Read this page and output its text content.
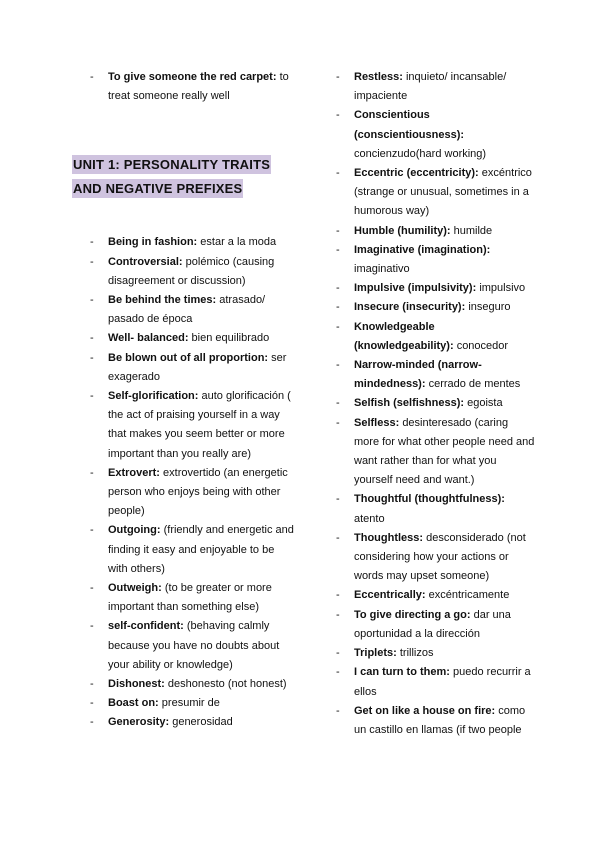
- To give someone the red carpet: to treat someone really well
UNIT 1: PERSONALITY TRAITS
AND NEGATIVE PREFIXES
- Being in fashion: estar a la moda
- Controversial: polémico (causing disagreement or discussion)
- Be behind the times: atrasado/ pasado de época
- Well- balanced: bien equilibrado
- Be blown out of all proportion: ser exagerado
- Self-glorification: auto glorificación ( the act of praising yourself in a way that makes you seem better or more important than you really are)
- Extrovert: extrovertido (an energetic person who enjoys being with other people)
- Outgoing: (friendly and energetic and finding it easy and enjoyable to be with others)
- Outweigh: (to be greater or more important than something else)
- self-confident: (behaving calmly because you have no doubts about your ability or knowledge)
- Dishonest: deshonesto (not honest)
- Boast on: presumir de
- Generosity: generosidad
- Restless: inquieto/ incansable/ impaciente
- Conscientious (conscientiousness): concienzudo(hard working)
- Eccentric (eccentricity): excéntrico (strange or unusual, sometimes in a humorous way)
- Humble (humility): humilde
- Imaginative (imagination): imaginativo
- Impulsive (impulsivity): impulsivo
- Insecure (insecurity): inseguro
- Knowledgeable (knowledgeability): conocedor
- Narrow-minded (narrow-mindedness): cerrado de mentes
- Selfish (selfishness): egoista
- Selfless: desinteresado (caring more for what other people need and want rather than for what you yourself need and want.)
- Thoughtful (thoughtfulness): atento
- Thoughtless: desconsiderado (not considering how your actions or words may upset someone)
- Eccentrically: excéntricamente
- To give directing a go: dar una oportunidad a la dirección
- Triplets: trillizos
- I can turn to them: puedo recurrir a ellos
- Get on like a house on fire: como un castillo en llamas (if two people
